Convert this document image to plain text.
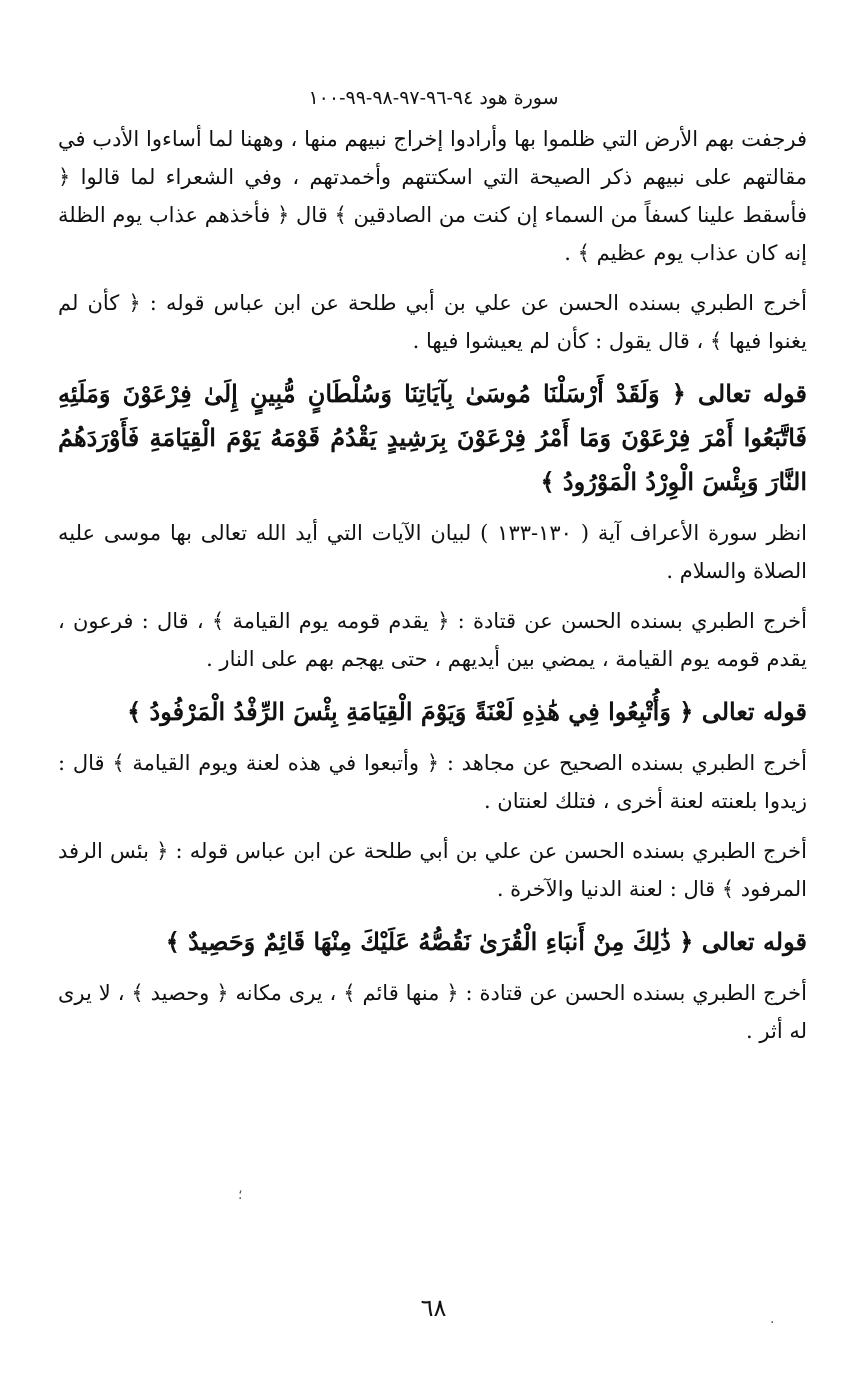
سورة هود ٩٤-٩٦-٩٧-٩٨-٩٩-١٠٠

فرجفت بهم الأرض التي ظلموا بها وأرادوا إخراج نبيهم منها ، وههنا لما أساءوا الأدب في مقالتهم على نبيهم ذكر الصيحة التي اسكتتهم وأخمدتهم ، وفي الشعراء لما قالوا ﴿ فأسقط علينا كسفاً من السماء إن كنت من الصادقين ﴾ قال ﴿ فأخذهم عذاب يوم الظلة إنه كان عذاب يوم عظيم ﴾ .

أخرج الطبري بسنده الحسن عن علي بن أبي طلحة عن ابن عباس قوله : ﴿ كأن لم يغنوا فيها ﴾ ، قال يقول : كأن لم يعيشوا فيها .

قوله تعالى ﴿ وَلَقَدْ أَرْسَلْنَا مُوسَىٰ بِآيَاتِنَا وَسُلْطَانٍ مُّبِينٍ إِلَىٰ فِرْعَوْنَ وَمَلَئِهِ فَاتَّبَعُوا أَمْرَ فِرْعَوْنَ وَمَا أَمْرُ فِرْعَوْنَ بِرَشِيدٍ يَقْدُمُ قَوْمَهُ يَوْمَ الْقِيَامَةِ فَأَوْرَدَهُمُ النَّارَ وَبِئْسَ الْوِرْدُ الْمَوْرُودُ ﴾

انظر سورة الأعراف آية ( ١٣٠-١٣٣ ) لبيان الآيات التي أيد الله تعالى بها موسى عليه الصلاة والسلام .

أخرج الطبري بسنده الحسن عن قتادة : ﴿ يقدم قومه يوم القيامة ﴾ ، قال : فرعون ، يقدم قومه يوم القيامة ، يمضي بين أيديهم ، حتى يهجم بهم على النار .

قوله تعالى ﴿ وَأُتْبِعُوا فِي هَٰذِهِ لَعْنَةً وَيَوْمَ الْقِيَامَةِ بِئْسَ الرِّفْدُ الْمَرْفُودُ ﴾

أخرج الطبري بسنده الصحيح عن مجاهد : ﴿ وأتبعوا في هذه لعنة ويوم القيامة ﴾ قال : زيدوا بلعنته لعنة أخرى ، فتلك لعنتان .

أخرج الطبري بسنده الحسن عن علي بن أبي طلحة عن ابن عباس قوله : ﴿ بئس الرفد المرفود ﴾ قال : لعنة الدنيا والآخرة .

قوله تعالى ﴿ ذَٰلِكَ مِنْ أَنبَاءِ الْقُرَىٰ نَقُصُّهُ عَلَيْكَ مِنْهَا قَائِمٌ وَحَصِيدٌ ﴾

أخرج الطبري بسنده الحسن عن قتادة : ﴿ منها قائم ﴾ ، يرى مكانه ﴿ وحصيد ﴾ ، لا يرى له أثر .

؛
٦٨
·
